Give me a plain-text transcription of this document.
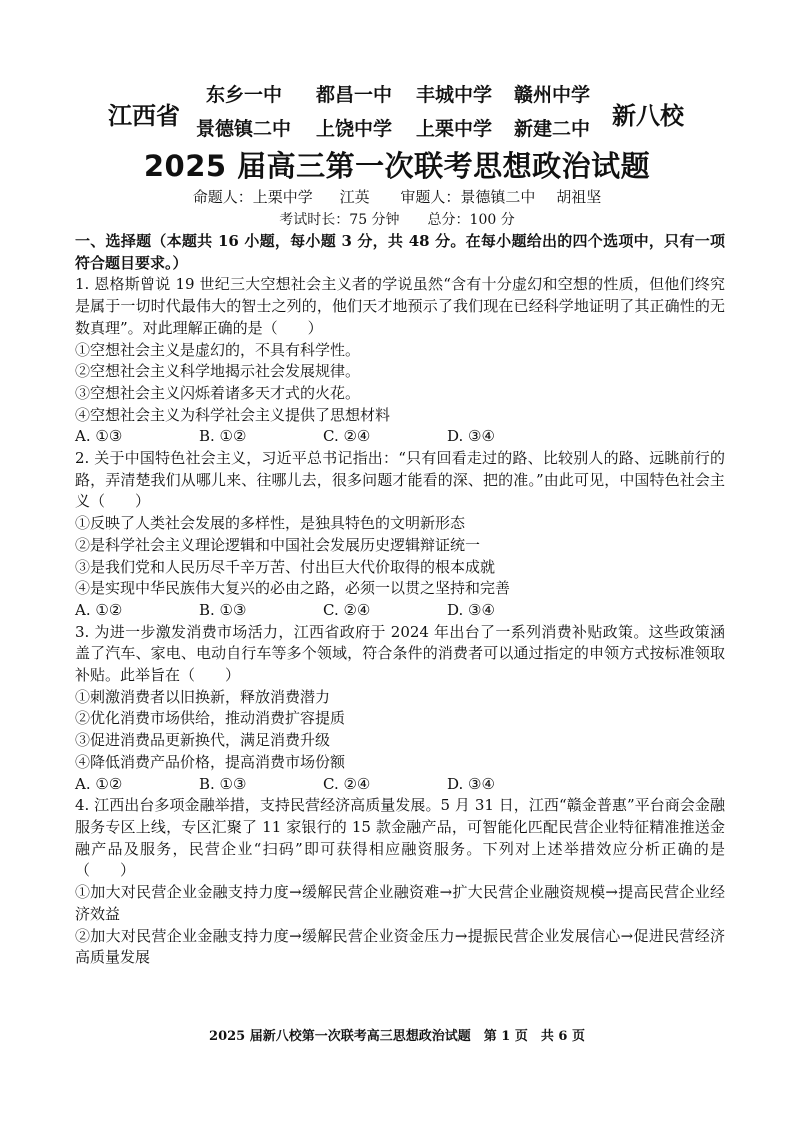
江西省
东乡一中 都昌一中 丰城中学 赣州中学
景德镇二中 上饶中学 上栗中学 新建二中 新八校
2025 届高三第一次联考思想政治试题
命题人：上栗中学 江英 审题人：景德镇二中 胡祖坚
考试时长：75 分钟　　总分：100 分

一、选择题（本题共 16 小题，每小题 3 分，共 48 分。在每小题给出的四个选项中，只有一项符合题目要求。）

1. 恩格斯曾说 19 世纪三大空想社会主义者的学说虽然“含有十分虚幻和空想的性质，但他们终究是属于一切时代最伟大的智士之列的，他们天才地预示了我们现在已经科学地证明了其正确性的无数真理”。对此理解正确的是（　　）

①空想社会主义是虚幻的，不具有科学性。

②空想社会主义科学地揭示社会发展规律。

③空想社会主义闪烁着诸多天才式的火花。

④空想社会主义为科学社会主义提供了思想材料

A. ①③	B. ①②	C. ②④	D. ③④

2. 关于中国特色社会主义，习近平总书记指出：“只有回看走过的路、比较别人的路、远眺前行的路，弄清楚我们从哪儿来、往哪儿去，很多问题才能看的深、把的准。”由此可见，中国特色社会主义（　　）

①反映了人类社会发展的多样性，是独具特色的文明新形态

②是科学社会主义理论逻辑和中国社会发展历史逻辑辩证统一

③是我们党和人民历尽千辛万苦、付出巨大代价取得的根本成就

④是实现中华民族伟大复兴的必由之路，必须一以贯之坚持和完善

A. ①②	B. ①③	C. ②④	D. ③④

3. 为进一步激发消费市场活力，江西省政府于 2024 年出台了一系列消费补贴政策。这些政策涵盖了汽车、家电、电动自行车等多个领域，符合条件的消费者可以通过指定的申领方式按标准领取补贴。此举旨在（　　）

①刺激消费者以旧换新，释放消费潜力

②优化消费市场供给，推动消费扩容提质

③促进消费品更新换代，满足消费升级

④降低消费产品价格，提高消费市场份额

A. ①②	B. ①③	C. ②④	D. ③④

4. 江西出台多项金融举措，支持民营经济高质量发展。5 月 31 日，江西“赣金普惠”平台商会金融服务专区上线，专区汇聚了 11 家银行的 15 款金融产品，可智能化匹配民营企业特征精准推送金融产品及服务，民营企业“扫码”即可获得相应融资服务。下列对上述举措效应分析正确的是（　　）

①加大对民营企业金融支持力度→缓解民营企业融资难→扩大民营企业融资规模→提高民营企业经济效益

②加大对民营企业金融支持力度→缓解民营企业资金压力→提振民营企业发展信心→促进民营经济高质量发展

2025 届新八校第一次联考高三思想政治试题　第 1 页　共 6 页
